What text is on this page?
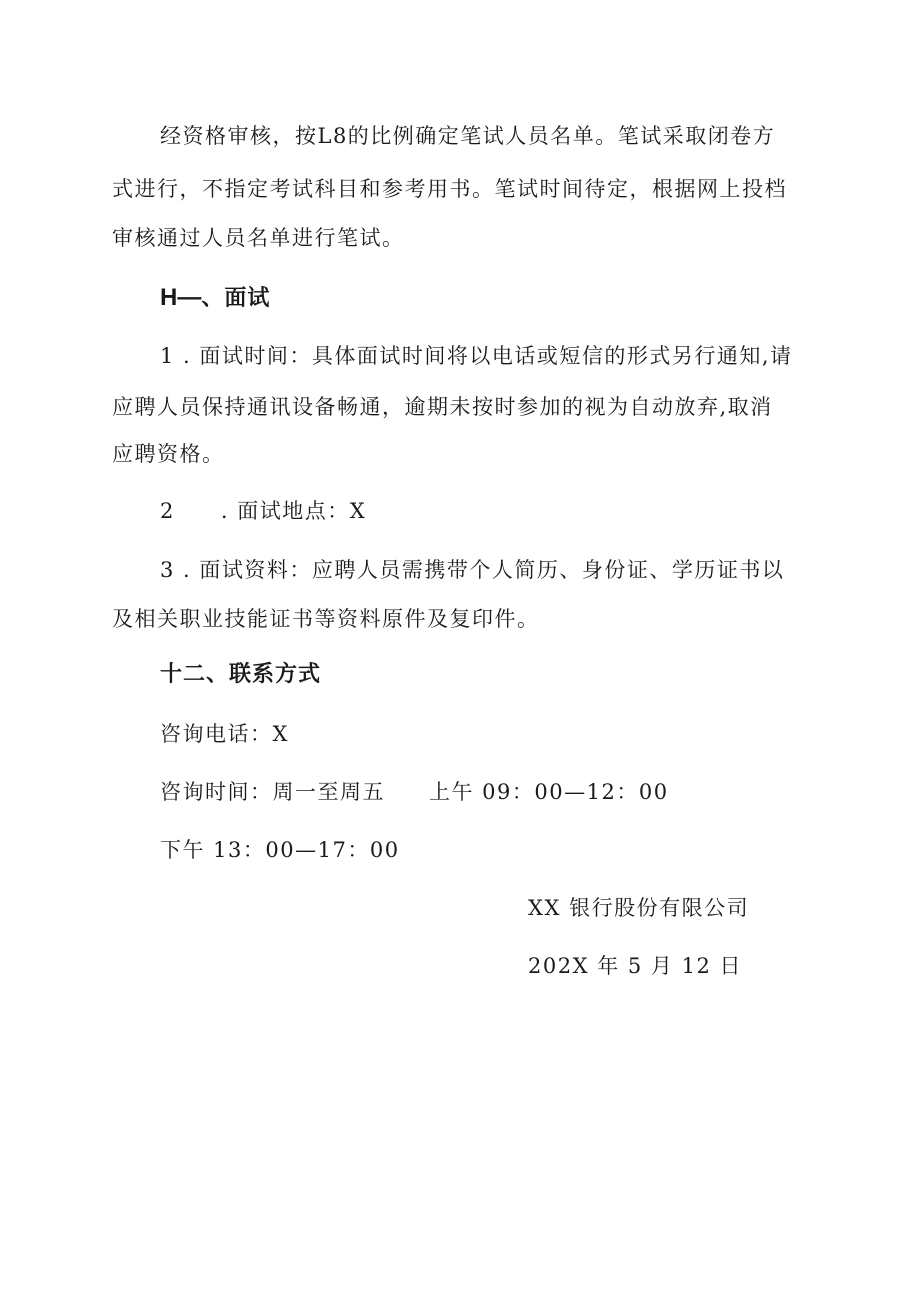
经资格审核，按L8的比例确定笔试人员名单。笔试采取闭卷方
式进行，不指定考试科目和参考用书。笔试时间待定，根据网上投档
审核通过人员名单进行笔试。
H—、面试
1 . 面试时间：具体面试时间将以电话或短信的形式另行通知,请
应聘人员保持通讯设备畅通，逾期未按时参加的视为自动放弃,取消
应聘资格。
2 . 面试地点：X
3 . 面试资料：应聘人员需携带个人简历、身份证、学历证书以
及相关职业技能证书等资料原件及复印件。
十二、联系方式
咨询电话：X
咨询时间：周一至周五 上午 09：00—12：00
下午 13：00—17：00
XX 银行股份有限公司
202X 年 5 月 12 日
